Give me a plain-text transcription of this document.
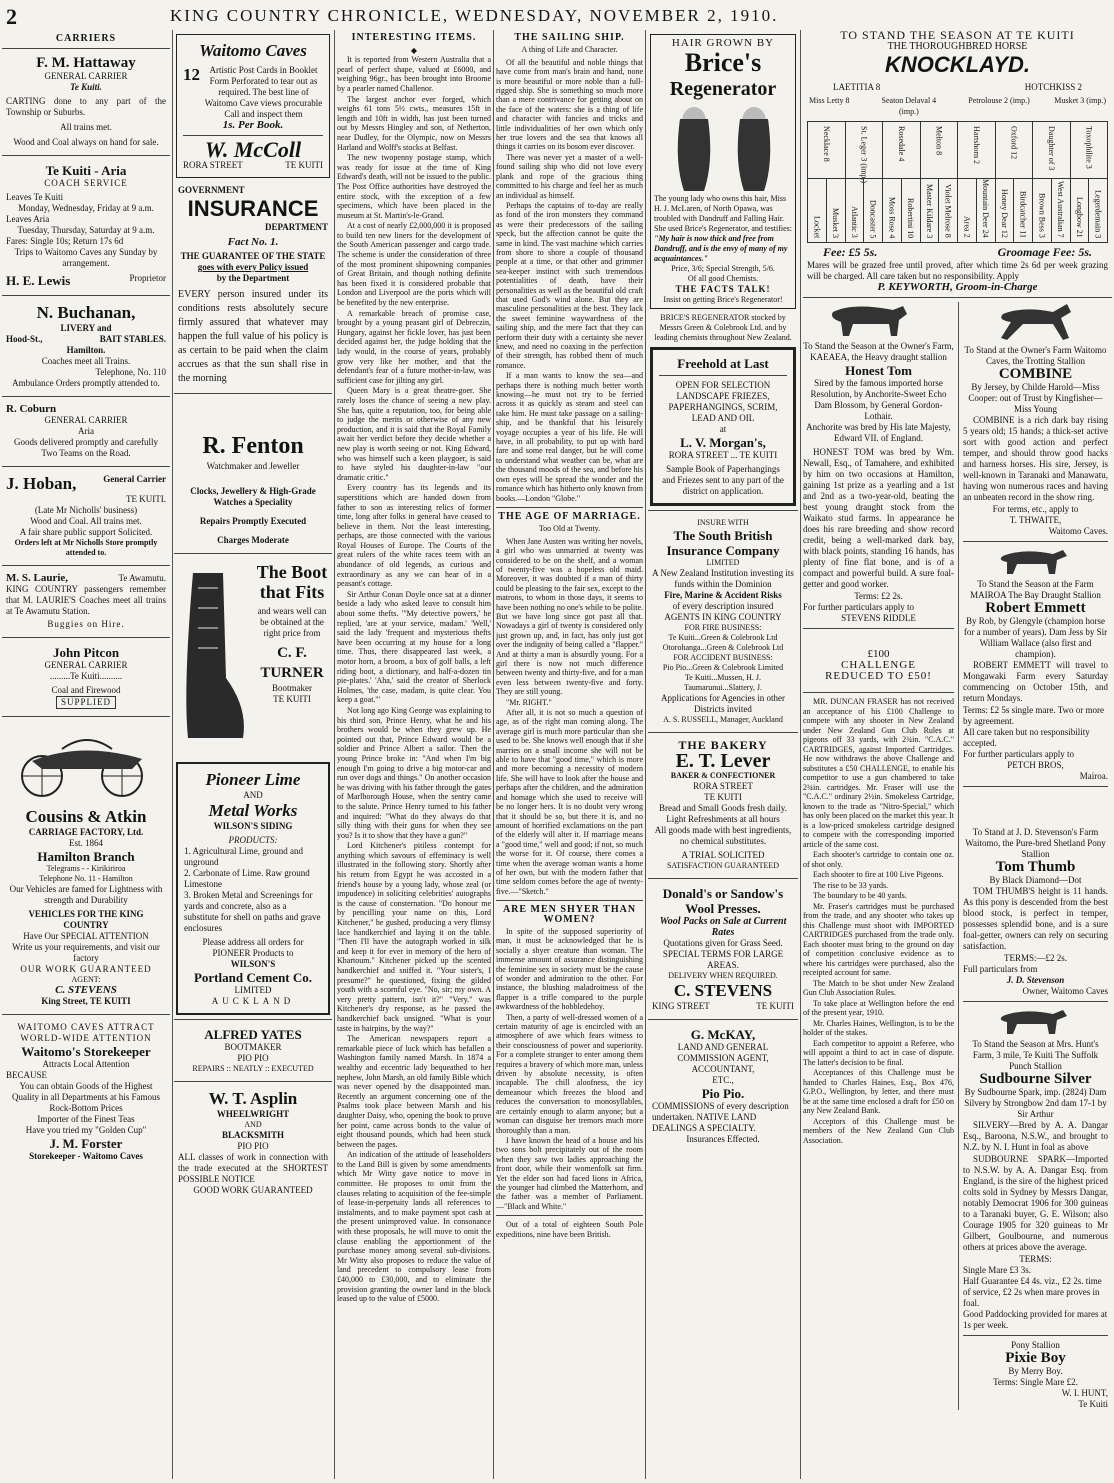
2	KING COUNTRY CHRONICLE, WEDNESDAY, NOVEMBER 2, 1910.
CARRIERS
F. M. Hattaway
GENERAL CARRIER
Te Kuiti.
CARTING done to any part of the Township or Suburbs.
All trains met.
Wood and Coal always on hand for sale.
Te Kuiti - Aria
COACH SERVICE
Leaves Te Kuiti
Monday, Wednesday, Friday at 9 a.m.
Leaves Aria
Tuesday, Thursday, Saturday at 9 a.m.
Fares: Single 10s; Return 17s 6d
Trips to Waitomo Caves any Sunday by arrangement.
H. E. Lewis	Proprietor
N. Buchanan,
LIVERY and
Hood-St.,	BAIT STABLES.
Hamilton.
Coaches meet all Trains.
Telephone, No. 110
Ambulance Orders promptly attended to.
R. Coburn
GENERAL CARRIER
Aria
Goods delivered promptly and carefully
Two Teams on the Road.
J. Hoban,	General Carrier
TE KUITI.
(Late Mr Nicholls' business)
Wood and Coal. All trains met.
A fair share public support Solicited.
Orders left at Mr Nicholls Store promptly attended to.
M. S. Laurie,	Te Awamutu.
KING COUNTRY passengers remember that M. LAURIE'S Coaches meet all trains at Te Awamutu Station.
Buggies on Hire.
John Pitcon
GENERAL CARRIER
.........Te Kuiti..........
Coal and Firewood
SUPPLIED
Cousins & Atkin
CARRIAGE FACTORY, Ltd.
Est. 1864
Hamilton Branch
Telegrams - - Kirikiriroa
Telephone No. 11 - Hamilton
Our Vehicles are famed for Lightness with strength and Durability
VEHICLES FOR THE KING COUNTRY
Have Our SPECIAL ATTENTION
Write us your requirements, and visit our factory
OUR WORK GUARANTEED
AGENT:
C. STEVENS
King Street, TE KUITI
WAITOMO CAVES ATTRACT WORLD-WIDE ATTENTION
Waitomo's Storekeeper
Attracts Local Attention
BECAUSE
You can obtain Goods of the Highest Quality in all Departments at his Famous Rock-Bottom Prices
Importer of the Finest Teas
Have you tried my "Golden Cup"
J. M. Forster
Storekeeper - Waitomo Caves
Waitomo Caves
12	Artistic Post Cards in Booklet Form Perforated to tear out as required. The best line of Waitomo Cave views procurable Call and inspect them
1s. Per Book.
W. McColl
RORA STREET	TE KUITI
GOVERNMENT
INSURANCE
DEPARTMENT
Fact No. 1.
THE GUARANTEE OF THE STATE
goes with every Policy issued
by the Department
EVERY person insured under its conditions rests absolutely secure firmly assured that whatever may happen the full value of his policy is as certain to be paid when the claim accrues as that the sun shall rise in the morning
R. Fenton
Watchmaker and Jeweller
Clocks, Jewellery & High-Grade Watches a Speciality
Repairs Promptly Executed
Charges Moderate
The Boot
that Fits
and wears well can be obtained at the right price from
C. F. TURNER
Bootmaker
TE KUITI
Pioneer Lime
AND
Metal Works
WILSON'S SIDING
PRODUCTS:
1. Agricultural Lime, ground and unground
2. Carbonate of Lime. Raw ground Limestone
3. Broken Metal and Screenings for yards and concrete, also as a substitute for shell on paths and grave enclosures
Please address all orders for PIONEER Products to
WILSON'S
Portland Cement Co.
LIMITED
AUCKLAND
ALFRED YATES
BOOTMAKER
PIO PIO
REPAIRS :: NEATLY :: EXECUTED
W. T. Asplin
WHEELWRIGHT
AND
BLACKSMITH
PIO PIO
ALL classes of work in connection with the trade executed at the SHORTEST POSSIBLE NOTICE
GOOD WORK GUARANTEED
INTERESTING ITEMS.
◆
It is reported from Western Australia that a pearl of perfect shape, valued at £6000, and weighing 96gr., has been brought into Broome by a pearler named Challenor.
The largest anchor ever forged, which weighs 61 tons 5½ cwts., measures 15ft in length and 10ft in width, has just been turned out by Messrs Hingley and son, of Netherton, near Dudley, for the Olympic, now on Messrs Harland and Wolff's stocks at Belfast.
The new twopenny postage stamp, which was ready for issue at the time of King Edward's death, will not be issued to the public. The Post Office authorities have destroyed the entire stock, with the exception of a few specimens, which have been placed in the museum at St. Martin's-le-Grand.
At a cost of nearly £2,000,000 it is proposed to build ten new liners for the development of the South American passenger and cargo trade. The scheme is under the consideration of three of the most prominent shipowning companies of Great Britain, and though nothing definite has been fixed it is considered probable that London and Liverpool are the ports which will be benefited by the new enterprise.
A remarkable breach of promise case, brought by a young peasant girl of Debreczin, Hungary, against her fickle lover, has just been decided against her, the judge holding that the lady would, in the course of years, probably grow very like her mother, and that the defendant's fear of a future mother-in-law, was sufficient case for jilting any girl.
Queen Mary is a great theatre-goer. She rarely loses the chance of seeing a new play. She has, quite a reputation, too, for being able to judge the merits or otherwise of any new production, and it is said that the Royal Family await her verdict before they decide whether a new play is worth seeing or not. King Edward, who was himself such a keen playgoer, is said to have styled his daughter-in-law "our dramatic critic."
Every country has its legends and its superstitions which are handed down from father to son as interesting relics of former time, long after folks in general have ceased to believe in them. Not the least interesting, perhaps, are those connected with the various Royal Houses of Europe. The Courts of the great rulers of the white races teem with an abundance of old legends, as curious and extraordinary as any we can hear of in a peasant's cottage.
Sir Arthur Conan Doyle once sat at a dinner beside a lady who asked leave to consult him about some thefts. "'My detective powers,' he replied, 'are at your service, madam.' 'Well,' said the lady 'frequent and mysterious thefts have been occurring at my house for a long time. Thus, there disappeared last week, a motor horn, a broom, a box of golf balls, a left riding boot, a dictionary, and half-a-dozen tin pie-plates.' 'Aha,' said the creator of Sherlock Holmes, 'the case, madam, is quite clear. You keep a goat.'"
Not long ago King George was explaining to his third son, Prince Henry, what he and his brothers would be when they grew up. He pointed out that, Prince Edward would be a soldier and Prince Albert a sailor. Then the young Prince broke in: "And when I'm big enough I'm going to drive a big motor-car and run over dogs and things." On another occasion he was driving with his father through the gates of Marlborough House, when the sentry came to the salute. Prince Henry turned to his father and inquired: "What do they always do that silly thing with their guns for when they see you? Is it to show that they have a gun?"
Lord Kitchener's pitiless contempt for anything which savours of effeminacy is well illustrated in the following story. Shortly after his return from Egypt he was accosted in a friend's house by a young lady, whose zeal (or impudence) in soliciting celebrities' autographs is the cause of consternation. "Do honour me by pencilling your name on this, Lord Kitchener," he gushed, producing a very flimsy lace handkerchief and laying it on the table. "Then I'll have the autograph worked in silk and keep it for ever in memory of the hero of Khartoum." Kitchener picked up the scented handkerchief and sniffed it. "Your sister's, I presume?" he questioned, fixing the gilded youth with a scornful eye. "No, sir; my own. A very pretty pattern, isn't it?" "Very." was Kitchener's dry response, as he passed the handkerchief back unsigned. "What is your taste in hairpins, by the way?"
The American newspapers report a remarkable piece of luck which has befallen a Washington family named Marsh. In 1874 a wealthy and eccentric lady bequeathed to her nephew, John Marsh, an old family Bible which was never opened by the disappointed man. Recently an argument concerning one of the Psalms took place between Marsh and his daughter Daisy, who, opening the book to prove her point, came across bonds to the value of eight thousand pounds, which had been stuck between the pages.
An indication of the attitude of leaseholders to the Land Bill is given by some amendments which Mr Witty gave notice to move in committee. He proposes to omit from the clauses relating to acquisition of the fee-simple of lease-in-perpetuity lands all references to instalments, and to make payment spot cash at the present unimproved value. In consonance with these proposals, he will move to omit the clause enabling the apportionment of the purchase money among several sub-divisions. Mr Witty also proposes to reduce the value of land precedent to compulsory lease from £40,000 to £30,000, and to eliminate the provision granting the owner land in the block leased up to the value of £5000.
THE SAILING SHIP.
A thing of Life and Character.
Of all the beautiful and noble things that have come from man's brain and hand, none is more beautiful or more noble than a full-rigged ship. She is something so much more than a mere contrivance for getting about on the face of the waters: she is a thing of life and character with fancies and tricks and little individualities of her own which only her true lovers and the sea that knows all things it carries on its bosom ever discover.
There was never yet a master of a well-found sailing ship who did not love every plank and rope of the gracious thing committed to his charge and feel her as much an individual as himself.
Perhaps the captains of to-day are really as fond of the iron monsters they command as were their predecessors of the sailing speck, but the affection cannot be quite the same in kind. The vast machine which carries from shore to shore a couple of thousand people at a time, or that other and grimmer sea-keeper instinct with such tremendous potentialities of death, have their personalities as well as the beautiful old craft that used God's wind alone. But they are masculine personalities at the best. They lack the sweet feminine waywardness of the sailing ship, and the mere fact that they can perform their duty with a certainty she never knew, and need no coaxing in the perfection of their strength, has robbed them of much romance.
If a man wants to know the sea—and perhaps there is nothing much better worth knowing—he must not try to be ferried across it as quickly as steam and steel can take him. He must take passage on a sailing-ship, and be thankful that his leisurely voyage occupies a year of his life. He will have, in all probability, to put up with hard fare and some real danger, but he will come to understand what weather can be, what are the thousand moods of the sea, and before his own eyes will be spread the wonder and the romance which has hitherto only known from books.—London "Globe."
THE AGE OF MARRIAGE.
Too Old at Twenty.
When Jane Austen was writing her novels, a girl who was unmarried at twenty was considered to be on the shelf, and a woman of twenty-five was a hopeless old maid. Moreover, it was doubted if a man of thirty could be pleasing to the fair sex, except to the matrons, to whom in those days, it seems to have been nothing no one's while to be polite. But we have long since got past all that. Nowadays a girl of twenty is considered only just grown up, and, in fact, has only just got over the indignity of being called a "flapper." And at thirty a man is absurdly young. For a girl there is now not much difference between twenty and thirty-five, and for a man even less between twenty-five and forty. They are still young.
"Mr. RIGHT."
After all, it is not so much a question of age, as of the right man coming along. The average girl is much more particular than she used to be. She knows well enough that if she marries on a small income she will not be able to have that "good time," which is more and more becoming a necessity of modern life. She will have to look after the house and perhaps after the children, and the admiration and homage which she used to receive will be no longer hers. It is no doubt very wrong that it should be so, but there it is, and no amount of horrified exclamations on the part of the elderly will alter it. If marriage means a "good time," well and good; if not, so much the worse for it. Of course, there comes a time when the average woman wants a home of her own, but with the modern father that time seldom comes before the age of twenty-five.—"Sketch."
ARE MEN SHYER THAN WOMEN?
In spite of the supposed superiority of man, it must be acknowledged that he is socially a shyer creature than woman. The immense amount of assurance distinguishing the feminine sex in society must be the cause of wonder and admiration to the other. For instance, the blushing maladroitness of the flapper is a trifle compared to the purple awkwardness of the hobbledehoy.
Then, a party of well-dressed women of a certain maturity of age is encircled with an atmosphere of awe which fears witness to their consciousness of power and superiority. For a complete stranger to enter among them requires a bravery of which more man, unless driven by absolute necessity, is often incapable. The chill aloofness, the icy demeanour which freezes the blood and reduces the conversation to monosyllables, are certainly enough to alarm anyone; but a woman can disguise her tremors much more thoroughly than a man.
I have known the head of a house and his two sons bolt precipitately out of the room when they saw two ladies approaching the front door, while their womenfolk sat firm. Yet the elder son had faced lions in Africa, the younger had climbed the Matterhorn, and the father was a member of Parliament.—"Black and White."
Out of a total of eighteen South Pole expeditions, nine have been British.
HAIR GROWN BY
Brice's
Regenerator
The young lady who owns this hair, Miss H. J. McLaren, of North Opawa, was troubled with Dandruff and Falling Hair. She used Brice's Regenerator, and testifies:
"My hair is now thick and free from Dandruff, and is the envy of many of my acquaintances."
Price, 3/6; Special Strength, 5/6.
Of all good Chemists.
THE FACTS TALK!
Insist on getting Brice's Regenerator!
BRICE'S REGENERATOR stocked by Messrs Green & Colebrook Ltd. and by leading chemists throughout New Zealand.
Freehold at Last
OPEN FOR SELECTION
LANDSCAPE FRIEZES, PAPERHANGINGS, SCRIM, LEAD AND OIL
at
L. V. Morgan's,
RORA STREET ... TE KUITI
Sample Book of Paperhangings and Friezes sent to any part of the district on application.
INSURE WITH
The South British
Insurance Company
LIMITED
A New Zealand Institution investing its funds within the Dominion
Fire, Marine & Accident Risks
of every description insured
AGENTS IN KING COUNTRY
FOR FIRE BUSINESS:
Te Kuiti...Green & Colebrook Ltd
Otorohanga...Green & Colebrook Ltd
FOR ACCIDENT BUSINESS:
Pio Pio...Green & Colebrook Limited
Te Kuiti...Mussen, H. J.
Taumarunui...Slattery, J.
Applications for Agencies in other Districts invited
A. S. RUSSELL, Manager, Auckland
THE BAKERY
E. T. Lever
BAKER & CONFECTIONER
RORA STREET
TE KUITI
Bread and Small Goods fresh daily.
Light Refreshments at all hours
All goods made with best ingredients, no chemical substitutes.
A TRIAL SOLICITED
SATISFACTION GUARANTEED
Donald's or Sandow's Wool Presses.
Wool Packs on Sale at Current Rates
Quotations given for Grass Seed.
SPECIAL TERMS FOR LARGE AREAS.
DELIVERY WHEN REQUIRED.
C. STEVENS
KING STREET	TE KUITI
G. McKAY,
LAND AND GENERAL COMMISSION AGENT, ACCOUNTANT,
ETC.,
Pio Pio.
COMMISSIONS of every description undertaken. NATIVE LAND DEALINGS A SPECIALTY.
Insurances Effected.
TO STAND THE SEASON AT TE KUITI
THE THOROUGHBRED HORSE
KNOCKLAYD.
LAETITIA 8	HOTCHKISS 2
Miss Letty 8	Seaton Delaval 4 (imp.)
Petrolouse 2 (imp.)	Musket 3 (imp.)
Necklace 8
Locket Musket 3
St. Leger 3 (imp.)
Atlantic 3 Doncaster 5
Rosedale 4
Moss Rose 4 Robertini 10
Melton 8
Master Kildare 3 Violet Melrose 8
Hartshorn 2
Area 2 Mountain Deer 24
Oxford 12
Honey Dear 12 Birdcatcher 11
Daughter of 3
Brown Bess 3 West Australian 7
Toxophilite 3
Longbow 21 Legerdemain 3
Fee: £5 5s.	Groomage Fee: 5s.
Mares will be grazed free until proved, after which time 2s 6d per week grazing will be charged. All care taken but no responsibility. Apply
P. KEYWORTH, Groom-in-Charge
To Stand the Season at the Owner's Farm, KAEAEA, the Heavy draught stallion
Honest Tom
Sired by the famous imported horse Resolution, by Anchorite-Sweet Echo Dam Blossom, by General Gordon-Lothair.
Anchorite was bred by His late Majesty, Edward VII. of England.
HONEST TOM was bred by Wm. Newall, Esq., of Tamahere, and exhibited by him on two occasions at Hamilton, gaining 1st prize as a yearling and a 1st and 2nd as a two-year-old, beating the best young draught stock from the Waikato stud farms. In appearance he does his rare breeding and show record credit, being a well-marked dark bay, with black points, standing 16 hands, has plenty of fine flat bone, and is of a compact and powerful build. A sure foal-getter and good worker.
Terms: £2 2s.
For further particulars apply to
STEVENS RIDDLE
£100
CHALLENGE
REDUCED TO £50!
MR. DUNCAN FRASER has not received an acceptance of his £100 Challenge to compete with any shooter in New Zealand under New Zealand Gun Club Rules at pigeons off 33 yards, with 2¾in. "C.A.C." CARTRIDGES, against Imported Cartridges. He now withdraws the above Challenge and substitutes a £50 CHALLENGE, to enable his competitor to use a gun chambered to take 2¾in. cartridges. Mr. Fraser will use the "C.A.C." ordinary 2½in. Smokeless Cartridge, known to the trade as "Nitro-Special," which has only been placed on the market this year. It is a low-priced smokeless cartridge designed to compete with the corresponding imported article of the same cost.
Each shooter's cartridge to contain one oz. of shot only.
Each shooter to fire at 100 Live Pigeons.
The rise to be 33 yards.
The boundary to be 40 yards.
Mr. Fraser's cartridges must be purchased from the trade, and any shooter who takes up this Challenge must shoot with IMPORTED CARTRIDGES purchased from the trade only. Each shooter must bring to the ground on day of competition conclusive evidence as to where his cartridges were purchased, also the receipted account for same.
The Match to be shot under New Zealand Gun Club Association Rules.
To take place at Wellington before the end of the present year, 1910.
Mr. Charles Haines, Wellington, is to be the holder of the stakes.
Each competitor to appoint a Referee, who will appoint a third to act in case of dispute. The latter's decision to be final.
Acceptances of this Challenge must be handed to Charles Haines, Esq., Box 476, G.P.O., Wellington, by letter, and there must be at the same time enclosed a draft for £50 on any New Zealand Bank.
Acceptors of this Challenge must be members of the New Zealand Gun Club Association.
To Stand at the Owner's Farm Waitomo Caves, the Trotting Stallion
COMBINE
By Jersey, by Childe Harold—Miss Cooper: out of Trust by Kingfisher—Miss Young
COMBINE is a rich dark bay rising 5 years old; 15 hands; a thick-set active sort with good action and perfect temper, and should throw good hacks and harness horses. His sire, Jersey, is well-known in Taranaki and Manawatu, having won numerous races and having an unbeaten record in the show ring.
For terms, etc., apply to
T. THWAITE,
Waitomo Caves.
To Stand the Season at the Farm MAIROA The Bay Draught Stallion
Robert Emmett
By Rob, by Glengyle (champion horse for a number of years). Dam Jess by Sir William Wallace (also first and champion).
ROBERT EMMETT will travel to Mongawaki Farm every Saturday commencing on October 15th, and return Mondays.
Terms: £2 5s single mare. Two or more by agreement.
All care taken but no responsibility accepted.
For further particulars apply to
PETCH BROS,
Mairoa.
To Stand at J. D. Stevenson's Farm Waitomo, the Pure-bred Shetland Pony Stallion
Tom Thumb
By Black Diamond—Dot
TOM THUMB'S height is 11 hands. As this pony is descended from the best blood stock, is perfect in temper, possesses splendid bone, and is a sure foal-getter, owners can rely on securing satisfaction.
TERMS:—£2 2s.
Full particulars from
J. D. Stevenson
Owner, Waitomo Caves
To Stand the Season at Mrs. Hunt's Farm, 3 mile, Te Kuiti The Suffolk Punch Stallion
Sudbourne Silver
By Sudbourne Spark, imp. (2824) Dam Silvery by Strongbow 2nd dam 17-1 by Sir Arthur
SILVERY—Bred by A. A. Dangar Esq., Baroona, N.S.W., and brought to N.Z. by N. I. Hunt in foal as above
SUDBOURNE SPARK—Imported to N.S.W. by A. A. Dangar Esq. from England, is the sire of the highest priced colts sold in Sydney by Messrs Dangar, notably Democrat 1906 for 300 guineas to a Taranaki buyer, G. E. Wilson; also Courage 1905 for 320 guineas to Mr Gilbert, Goulbourne, and numerous others at prices above the average.
TERMS:
Single Mare £3 3s.
Half Guarantee £4 4s. viz., £2 2s. time of service, £2 2s when mare proves in foal.
Good Paddocking provided for mares at 1s per week.
Pony Stallion
Pixie Boy
By Merry Boy.
Terms: Single Mare £2.
W. I. HUNT,
Te Kuiti
